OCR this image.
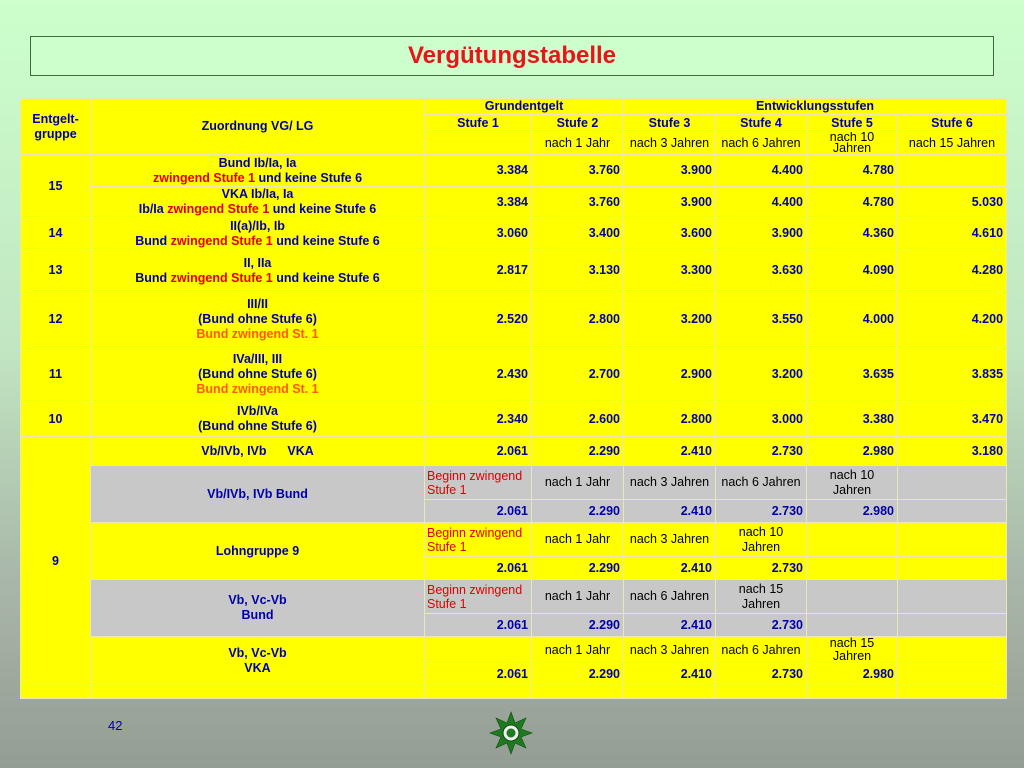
Vergütungstabelle
Entgelt-gruppe	Zuordnung VG/ LG	Grundentgelt		Entwicklungsstufen			
		Stufe 1	Stufe 2	Stufe 3	Stufe 4	Stufe 5	Stufe 6
			nach 1 Jahr	nach 3 Jahren	nach 6 Jahren	nach 10 Jahren	nach 15 Jahren
15	Bund Ib/Ia, Ia
zwingend Stufe 1 und keine Stufe 6	3.384	3.760	3.900	4.400	4.780	

	VKA Ib/Ia, Ia
Ib/Ia zwingend Stufe 1 und keine Stufe 6	3.384	3.760	3.900	4.400	4.780	5.030
14	II(a)/Ib, Ib
Bund zwingend Stufe 1 und keine Stufe 6	3.060	3.400	3.600	3.900	4.360	4.610
13	II, IIa
Bund zwingend Stufe 1 und keine Stufe 6	2.817	3.130	3.300	3.630	4.090	4.280
12	III/II
(Bund ohne Stufe 6)
Bund zwingend St. 1	2.520	2.800	3.200	3.550	4.000	4.200
11	IVa/III, III
(Bund ohne Stufe 6)
Bund zwingend St. 1	2.430	2.700	2.900	3.200	3.635	3.835
10	IVb/IVa
(Bund ohne Stufe 6)	2.340	2.600	2.800	3.000	3.380	3.470
9	Vb/IVb, IVb      VKA	2.061	2.290	2.410	2.730	2.980	3.180
	Vb/IVb, IVb Bund	Beginn zwingend Stufe 1	nach 1 Jahr	nach 3 Jahren	nach 6 Jahren	nach 10 Jahren	
		2.061	2.290	2.410	2.730	2.980	
	Lohngruppe 9	Beginn zwingend Stufe 1	nach 1 Jahr	nach 3 Jahren	nach 10 Jahren		
		2.061	2.290	2.410	2.730		

	Vb, Vc-Vb
Bund	Beginn zwingend Stufe 1	nach 1 Jahr	nach 6 Jahren	nach 15 Jahren		
		2.061	2.290	2.410	2.730		

	Vb, Vc-Vb
VKA		nach 1 Jahr	nach 3 Jahren	nach 6 Jahren	nach 15 Jahren	
		2.061	2.290	2.410	2.730	2.980	

42
